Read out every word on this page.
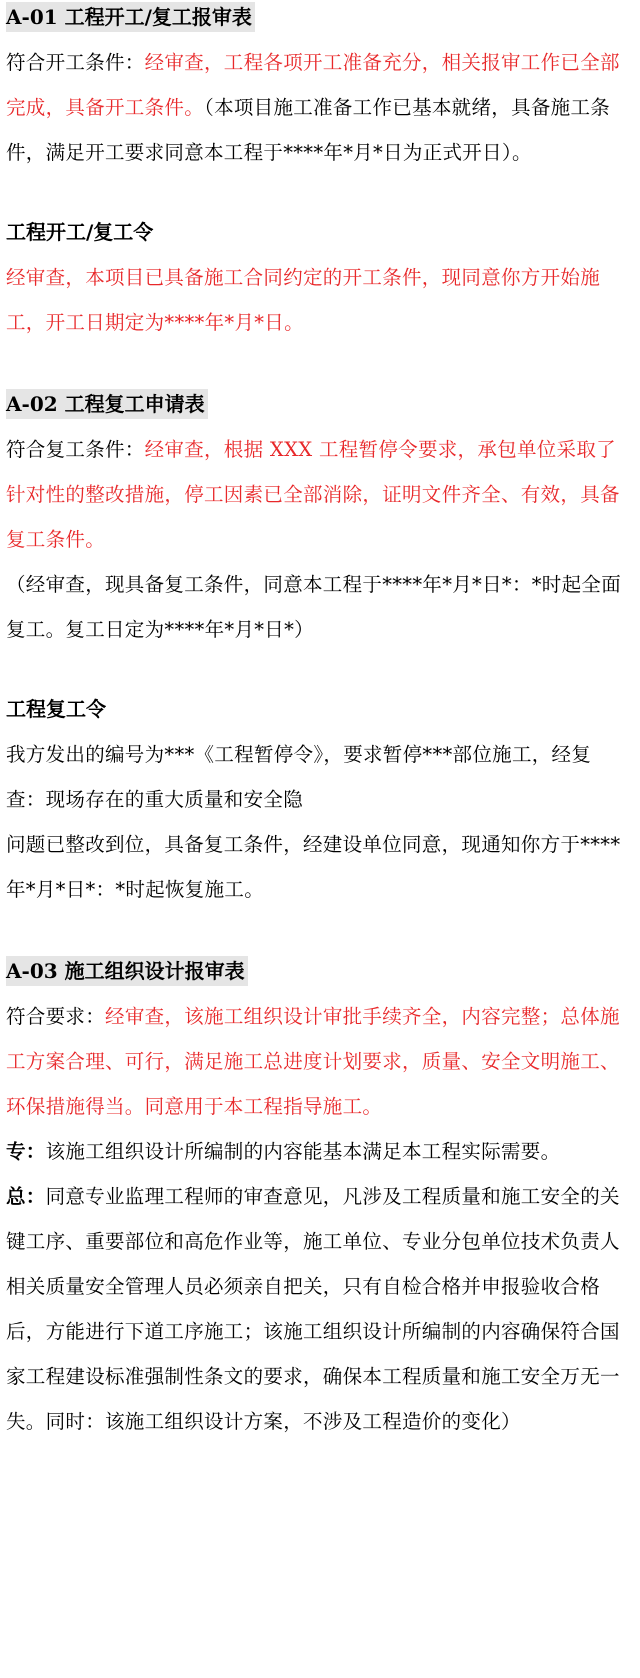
A-01 工程开工/复工报审表

符合开工条件：经审查，工程各项开工准备充分，相关报审工作已全部完成，具备开工条件。（本项目施工准备工作已基本就绪，具备施工条件，满足开工要求同意本工程于****年*月*日为正式开日）。

工程开工/复工令

经审查，本项目已具备施工合同约定的开工条件，现同意你方开始施工，开工日期定为****年*月*日。

A-02 工程复工申请表

符合复工条件：经审查，根据 XXX 工程暂停令要求，承包单位采取了针对性的整改措施，停工因素已全部消除，证明文件齐全、有效，具备复工条件。

（经审查，现具备复工条件，同意本工程于****年*月*日*：*时起全面复工。复工日定为****年*月*日*）

工程复工令

我方发出的编号为***《工程暂停令》，要求暂停***部位施工，经复查：现场存在的重大质量和安全隐

问题已整改到位，具备复工条件，经建设单位同意，现通知你方于****年*月*日*：*时起恢复施工。

A-03 施工组织设计报审表

符合要求：经审查，该施工组织设计审批手续齐全，内容完整；总体施工方案合理、可行，满足施工总进度计划要求，质量、安全文明施工、环保措施得当。同意用于本工程指导施工。

专：该施工组织设计所编制的内容能基本满足本工程实际需要。

总：同意专业监理工程师的审查意见，凡涉及工程质量和施工安全的关键工序、重要部位和高危作业等，施工单位、专业分包单位技术负责人相关质量安全管理人员必须亲自把关，只有自检合格并申报验收合格后，方能进行下道工序施工；该施工组织设计所编制的内容确保符合国家工程建设标准强制性条文的要求，确保本工程质量和施工安全万无一失。同时：该施工组织设计方案，不涉及工程造价的变化）
